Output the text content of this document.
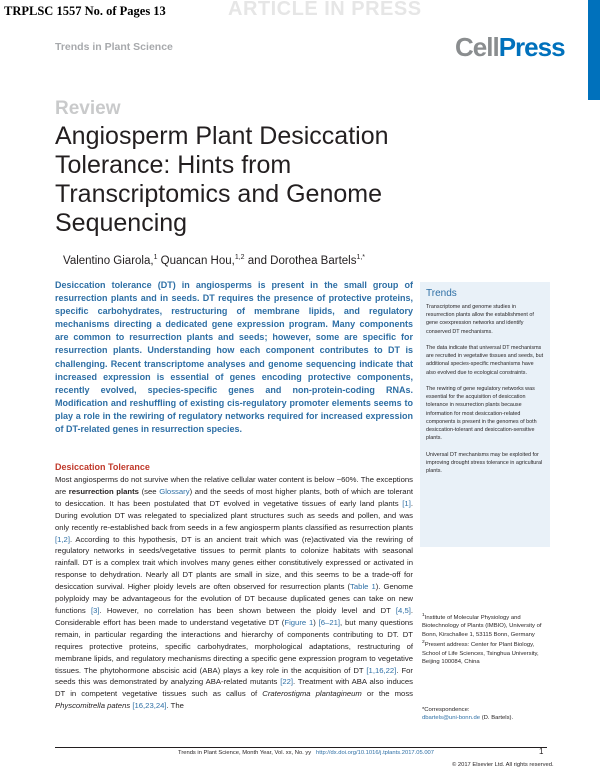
TRPLSC 1557 No. of Pages 13	ARTICLE IN PRESS
Trends in Plant Science	CellPress
Review
Angiosperm Plant Desiccation Tolerance: Hints from Transcriptomics and Genome Sequencing
Valentino Giarola,$^1$ Quancan Hou,$^{1,2}$ and Dorothea Bartels$^{1,*}$
Desiccation tolerance (DT) in angiosperms is present in the small group of resurrection plants and in seeds. DT requires the presence of protective proteins, specific carbohydrates, restructuring of membrane lipids, and regulatory mechanisms directing a dedicated gene expression program. Many components are common to resurrection plants and seeds; however, some are specific for resurrection plants. Understanding how each component contributes to DT is challenging. Recent transcriptome analyses and genome sequencing indicate that increased expression is essential of genes encoding protective components, recently evolved, species-specific genes and non-protein-coding RNAs. Modification and reshuffling of existing cis-regulatory promoter elements seems to play a role in the rewiring of regulatory networks required for increased expression of DT-related genes in resurrection species.
Desiccation Tolerance
Most angiosperms do not survive when the relative cellular water content is below ~60%. The exceptions are resurrection plants (see Glossary) and the seeds of most higher plants, both of which are tolerant to desiccation. It has been postulated that DT evolved in vegetative tissues of early land plants [1]. During evolution DT was relegated to specialized plant structures such as seeds and pollen, and was only recently re-established back from seeds in a few angiosperm plants classified as resurrection plants [1,2]. According to this hypothesis, DT is an ancient trait which was (re)activated via the rewiring of regulatory networks in seeds/vegetative tissues to permit plants to colonize habitats with seasonal rainfall. DT is a complex trait which involves many genes either constitutively expressed or activated in response to dehydration. Nearly all DT plants are small in size, and this seems to be a trade-off for desiccation survival. Higher ploidy levels are often observed for resurrection plants (Table 1). Genome polyploidy may be advantageous for the evolution of DT because duplicated genes can take on new functions [3]. However, no correlation has been shown between the ploidy level and DT [4,5]. Considerable effort has been made to understand vegetative DT (Figure 1) [6–21], but many questions remain, in particular regarding the interactions and hierarchy of components contributing to DT. DT requires protective proteins, specific carbohydrates, morphological adaptations, restructuring of membrane lipids, and regulatory mechanisms directing a specific gene expression program to vegetative tissues. The phytohormone abscisic acid (ABA) plays a key role in the acquisition of DT [1,16,22]. For seeds this was demonstrated by analyzing ABA-related mutants [22]. Treatment with ABA also induces DT in competent vegetative tissues such as callus of Craterostigma plantagineum or the moss Physcomitrella patens [16,23,24]. The
Trends

Transcriptome and genome studies in resurrection plants allow the establishment of gene coexpression networks and identify conserved DT mechanisms.

The data indicate that universal DT mechanisms are recruited in vegetative tissues and seeds, but additional species-specific mechanisms have also evolved due to ecological constraints.

The rewiring of gene regulatory networks was essential for the acquisition of desiccation tolerance in resurrection plants because information for most desiccation-related components is present in the genomes of both desiccation-tolerant and desiccation-sensitive plants.

Universal DT mechanisms may be exploited for improving drought stress tolerance in agricultural plants.

$^1$Institute of Molecular Physiology and Biotechnology of Plants (IMBIO), University of Bonn, Kirschallee 1, 53115 Bonn, Germany

$^2$Present address: Center for Plant Biology, School of Life Sciences, Tsinghua University, Beijing 100084, China

*Correspondence:
dbartels@uni-bonn.de (D. Bartels).
Trends in Plant Science, Month Year, Vol. xx, No. yy http://dx.doi.org/10.1016/j.tplants.2017.05.007
© 2017 Elsevier Ltd. All rights reserved.
1
